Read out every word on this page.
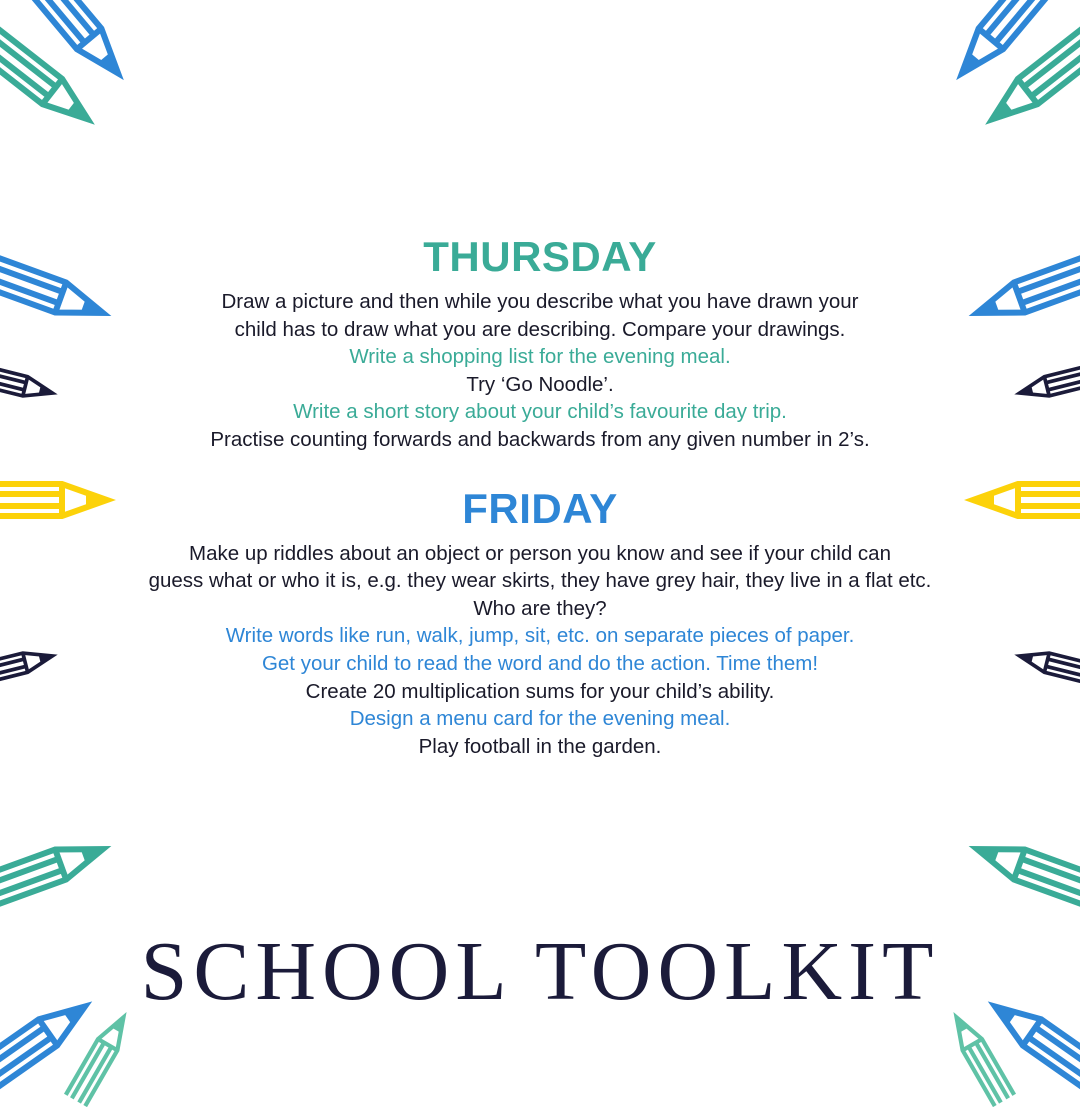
THURSDAY

Draw a picture and then while you describe what you have drawn your

child has to draw what you are describing. Compare your drawings.

Write a shopping list for the evening meal.

Try ‘Go Noodle’.

Write a short story about your child’s favourite day trip.

Practise counting forwards and backwards from any given number in 2’s.

FRIDAY

Make up riddles about an object or person you know and see if your child can

guess what or who it is, e.g. they wear skirts, they have grey hair, they live in a flat etc.

Who are they?

Write words like run, walk, jump, sit, etc. on separate pieces of paper.

Get your child to read the word and do the action. Time them!

Create 20 multiplication sums for your child’s ability.

Design a menu card for the evening meal.

Play football in the garden.

SCHOOL TOOLKIT
